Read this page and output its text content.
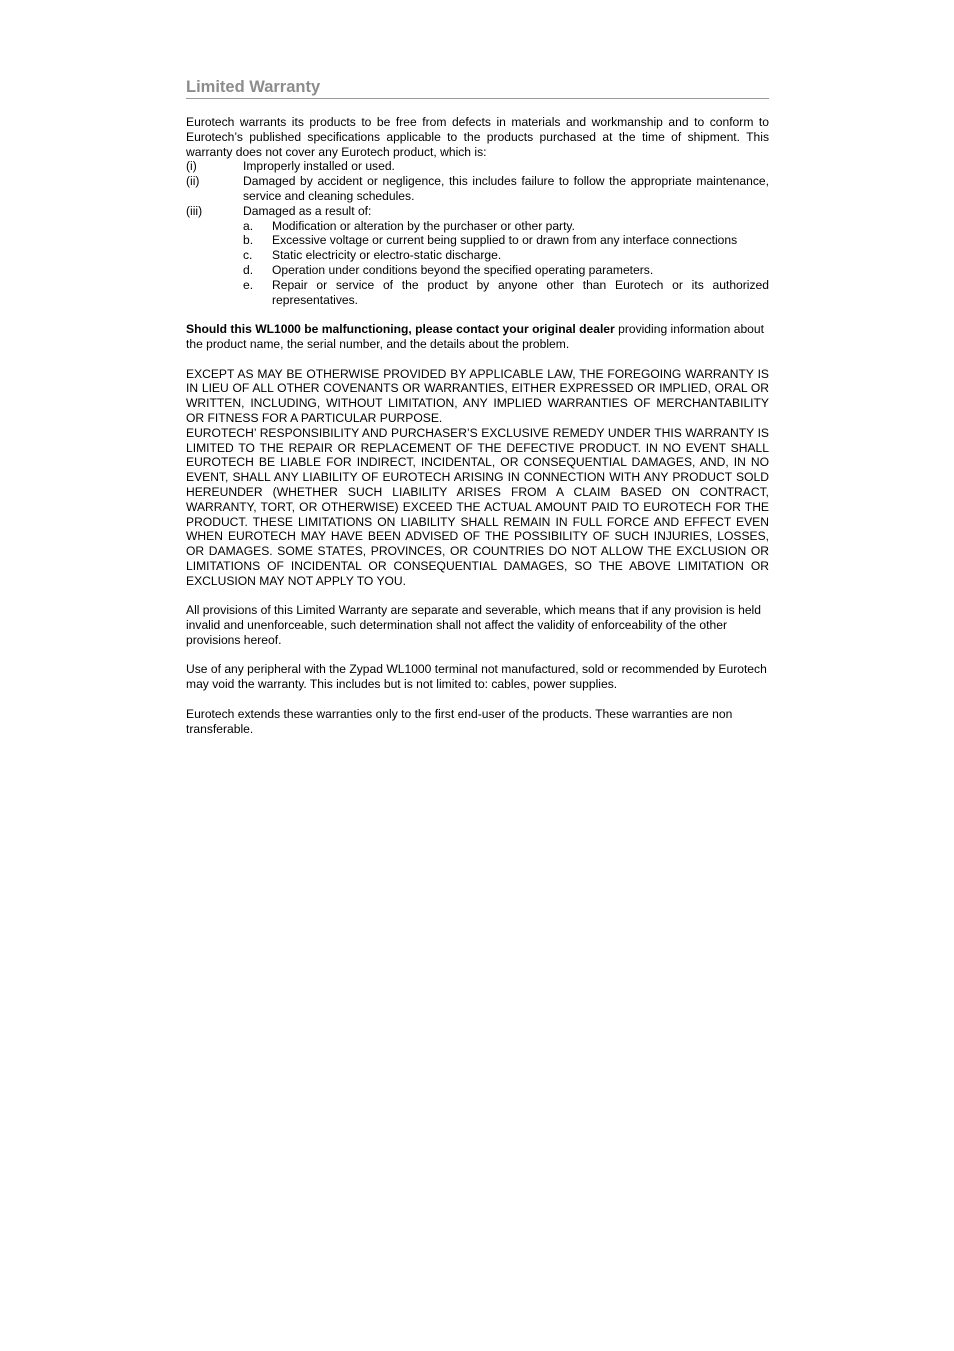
Limited Warranty

Eurotech warrants its products to be free from defects in materials and workmanship and to conform to Eurotech’s published specifications applicable to the products purchased at the time of shipment. This warranty does not cover any Eurotech product, which is:

(i)	Improperly installed or used.
(ii)	Damaged by accident or negligence, this includes failure to follow the appropriate maintenance, service and cleaning schedules.
(iii)	Damaged as a result of:
a.	Modification or alteration by the purchaser or other party.
b.	Excessive voltage or current being supplied to or drawn from any interface connections
c.	Static electricity or electro-static discharge.
d.	Operation under conditions beyond the specified operating parameters.
e.	Repair or service of the product by anyone other than Eurotech or its authorized representatives.

Should this WL1000 be malfunctioning, please contact your original dealer providing information about the product name, the serial number, and the details about the problem.

EXCEPT AS MAY BE OTHERWISE PROVIDED BY APPLICABLE LAW, THE FOREGOING WARRANTY IS IN LIEU OF ALL OTHER COVENANTS OR WARRANTIES, EITHER EXPRESSED OR IMPLIED, ORAL OR WRITTEN, INCLUDING, WITHOUT LIMITATION, ANY IMPLIED WARRANTIES OF MERCHANTABILITY OR FITNESS FOR A PARTICULAR PURPOSE.

EUROTECH’ RESPONSIBILITY AND PURCHASER’S EXCLUSIVE REMEDY UNDER THIS WARRANTY IS LIMITED TO THE REPAIR OR REPLACEMENT OF THE DEFECTIVE PRODUCT. IN NO EVENT SHALL EUROTECH BE LIABLE FOR INDIRECT, INCIDENTAL, OR CONSEQUENTIAL DAMAGES, AND, IN NO EVENT, SHALL ANY LIABILITY OF EUROTECH ARISING IN CONNECTION WITH ANY PRODUCT SOLD HEREUNDER (WHETHER SUCH LIABILITY ARISES FROM A CLAIM BASED ON CONTRACT, WARRANTY, TORT, OR OTHERWISE) EXCEED THE ACTUAL AMOUNT PAID TO EUROTECH FOR THE PRODUCT. THESE LIMITATIONS ON LIABILITY SHALL REMAIN IN FULL FORCE AND EFFECT EVEN WHEN EUROTECH MAY HAVE BEEN ADVISED OF THE POSSIBILITY OF SUCH INJURIES, LOSSES, OR DAMAGES. SOME STATES, PROVINCES, OR COUNTRIES DO NOT ALLOW THE EXCLUSION OR LIMITATIONS OF INCIDENTAL OR CONSEQUENTIAL DAMAGES, SO THE ABOVE LIMITATION OR EXCLUSION MAY NOT APPLY TO YOU.

All provisions of this Limited Warranty are separate and severable, which means that if any provision is held invalid and unenforceable, such determination shall not affect the validity of enforceability of the other provisions hereof.

Use of any peripheral with the Zypad WL1000 terminal not manufactured, sold or recommended by Eurotech may void the warranty. This includes but is not limited to: cables, power supplies.

Eurotech extends these warranties only to the first end-user of the products. These warranties are non transferable.
